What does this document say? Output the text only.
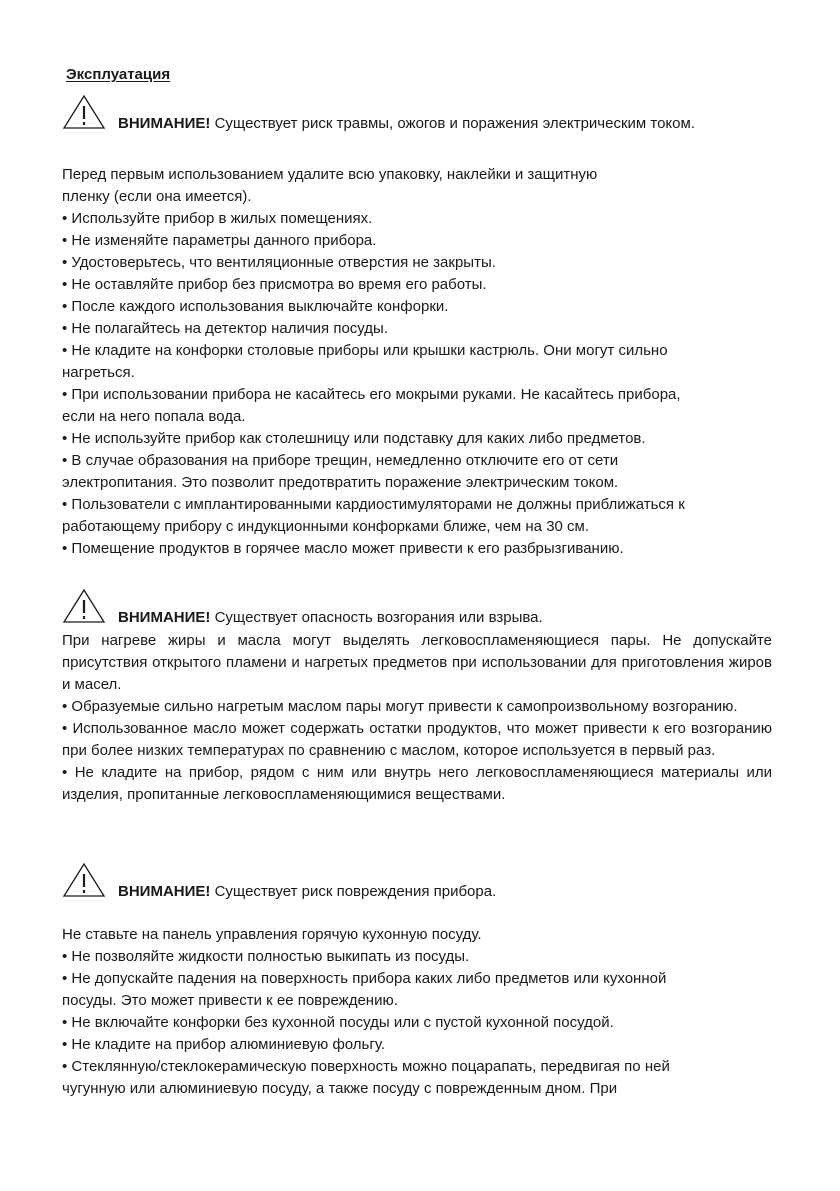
Эксплуатация
ВНИМАНИЕ! Существует риск травмы, ожогов и поражения электрическим током.

Перед первым использованием удалите всю упаковку, наклейки и защитную

пленку (если она имеется).

• Используйте прибор в жилых помещениях.

• Не изменяйте параметры данного прибора.

• Удостоверьтесь, что вентиляционные отверстия не закрыты.

• Не оставляйте прибор без присмотра во время его работы.

• После каждого использования выключайте конфорки.

• Не полагайтесь на детектор наличия посуды.

• Не кладите на конфорки столовые приборы или крышки кастрюль. Они могут сильно

нагреться.

• При использовании прибора не касайтесь его мокрыми руками. Не касайтесь прибора,

если на него попала вода.

• Не используйте прибор как столешницу или подставку для каких либо предметов.

• В случае образования на приборе трещин, немедленно отключите его от сети

электропитания. Это позволит предотвратить поражение электрическим током.

• Пользователи с имплантированными кардиостимуляторами не должны приближаться к

работающему прибору с индукционными конфорками ближе, чем на 30 см.

• Помещение продуктов в горячее масло может привести к его разбрызгиванию.

ВНИМАНИЕ! Существует опасность возгорания или взрыва.

При нагреве жиры и масла могут выделять легковоспламеняющиеся пары. Не допускайте присутствия открытого пламени и нагретых предметов при использовании для приготовления жиров и масел.

• Образуемые сильно нагретым маслом пары могут привести к самопроизвольному возгоранию.

• Использованное масло может содержать остатки продуктов, что может привести к его возгоранию при более низких температурах по сравнению с маслом, которое используется в первый раз.

• Не кладите на прибор, рядом с ним или внутрь него легковоспламеняющиеся материалы или изделия, пропитанные легковоспламеняющимися веществами.

ВНИМАНИЕ! Существует риск повреждения прибора.

Не ставьте на панель управления горячую кухонную посуду.

• Не позволяйте жидкости полностью выкипать из посуды.

• Не допускайте падения на поверхность прибора каких либо предметов или кухонной

посуды. Это может привести к ее повреждению.

• Не включайте конфорки без кухонной посуды или с пустой кухонной посудой.

• Не кладите на прибор алюминиевую фольгу.

• Стеклянную/стеклокерамическую поверхность можно поцарапать, передвигая по ней

чугунную или алюминиевую посуду, а также посуду с поврежденным дном. При
